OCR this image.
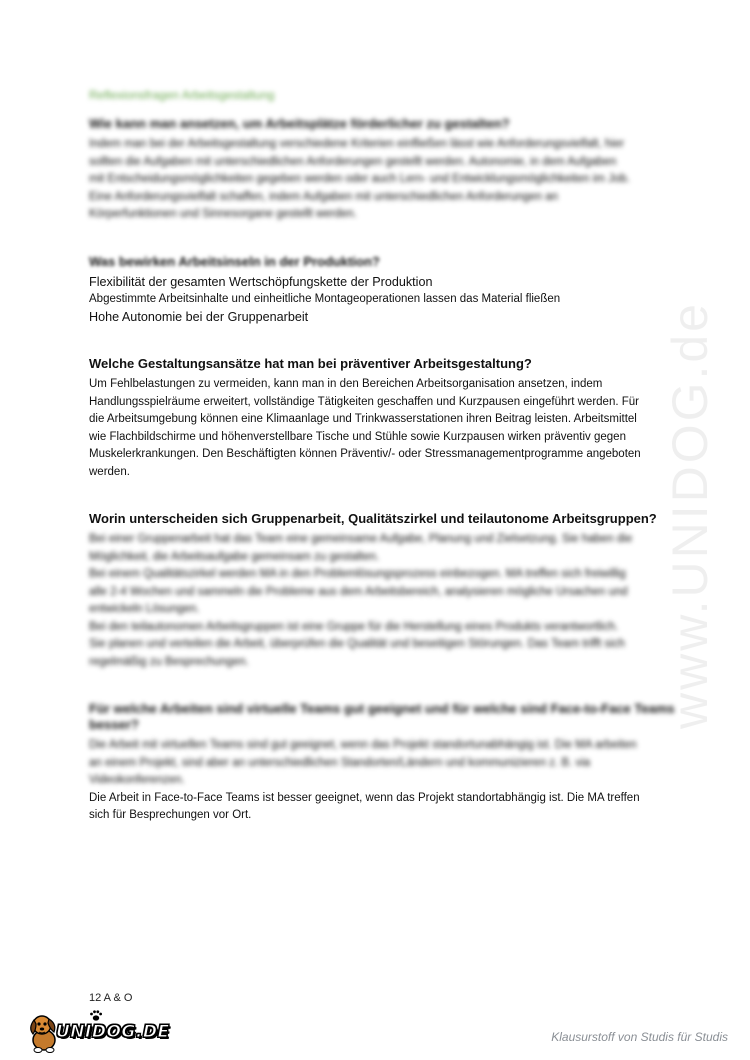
www.UNIDOG.de
Reflexionsfragen Arbeitsgestaltung
Wie kann man ansetzen, um Arbeitsplätze förderlicher zu gestalten?

Indem man bei der Arbeitsgestaltung verschiedene Kriterien einfließen lässt wie Anforderungsvielfalt, hier

sollten die Aufgaben mit unterschiedlichen Anforderungen gestellt werden. Autonomie, in dem Aufgaben

mit Entscheidungsmöglichkeiten gegeben werden oder auch Lern- und Entwicklungsmöglichkeiten im Job.

Eine Anforderungsvielfalt schaffen, indem Aufgaben mit unterschiedlichen Anforderungen an

Körperfunktionen und Sinnesorgane gestellt werden.

Was bewirken Arbeitsinseln in der Produktion?

Flexibilität der gesamten Wertschöpfungskette der Produktion

Abgestimmte Arbeitsinhalte und einheitliche Montageoperationen lassen das Material fließen

Hohe Autonomie bei der Gruppenarbeit

Welche Gestaltungsansätze hat man bei präventiver Arbeitsgestaltung?

Um Fehlbelastungen zu vermeiden, kann man in den Bereichen Arbeitsorganisation ansetzen, indem

Handlungsspielräume erweitert, vollständige Tätigkeiten geschaffen und Kurzpausen eingeführt werden. Für

die Arbeitsumgebung können eine Klimaanlage und Trinkwasserstationen ihren Beitrag leisten. Arbeitsmittel

wie Flachbildschirme und höhenverstellbare Tische und Stühle sowie Kurzpausen wirken präventiv gegen

Muskelerkrankungen. Den Beschäftigten können Präventiv/- oder Stressmanagementprogramme angeboten

werden.

Worin unterscheiden sich Gruppenarbeit, Qualitätszirkel und teilautonome Arbeitsgruppen?

Bei einer Gruppenarbeit hat das Team eine gemeinsame Aufgabe, Planung und Zielsetzung. Sie haben die

Möglichkeit, die Arbeitsaufgabe gemeinsam zu gestalten.

Bei einem Qualitätszirkel werden MA in den Problemlösungsprozess einbezogen. MA treffen sich freiwillig

alle 2-4 Wochen und sammeln die Probleme aus dem Arbeitsbereich, analysieren mögliche Ursachen und

entwickeln Lösungen.

Bei den teilautonomen Arbeitsgruppen ist eine Gruppe für die Herstellung eines Produkts verantwortlich.

Sie planen und verteilen die Arbeit, überprüfen die Qualität und beseitigen Störungen. Das Team trifft sich

regelmäßig zu Besprechungen.

Für welche Arbeiten sind virtuelle Teams gut geeignet und für welche sind Face-to-Face Teams besser?

Die Arbeit mit virtuellen Teams sind gut geeignet, wenn das Projekt standortunabhängig ist. Die MA arbeiten

an einem Projekt, sind aber an unterschiedlichen Standorten/Ländern und kommunizieren z. B. via

Videokonferenzen.

Die Arbeit in Face-to-Face Teams ist besser geeignet, wenn das Projekt standortabhängig ist. Die MA treffen

sich für Besprechungen vor Ort.

12 A & O
UNIDOG.DE	Klausurstoff von Studis für Studis
